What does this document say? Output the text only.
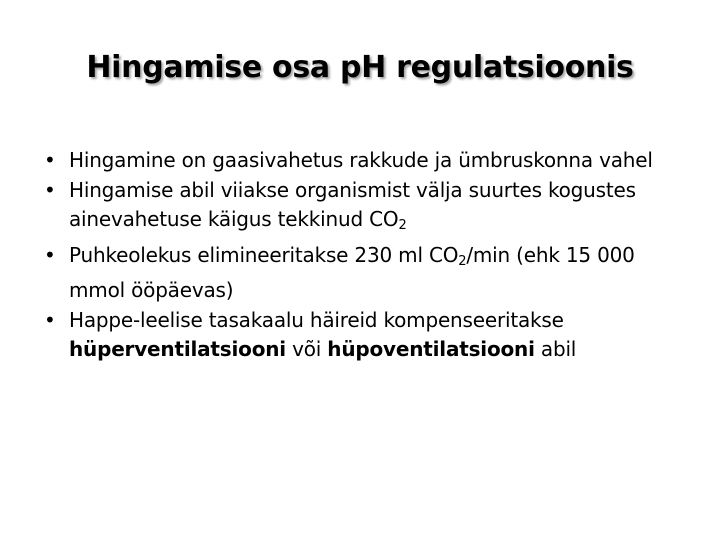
Hingamise osa pH regulatsioonis
• Hingamine on gaasivahetus rakkude ja ümbruskonna vahel
• Hingamise abil viiakse organismist välja suurtes kogustes ainevahetuse käigus tekkinud $CO_2$
• Puhkeolekus elimineeritakse 230 ml $CO_2/\min$ (ehk 15 000 mmol ööpäevas)
• Happe-leelise tasakaalu häireid kompenseeritakse hüperventilatsiooni või hüpoventilatsiooni abil
